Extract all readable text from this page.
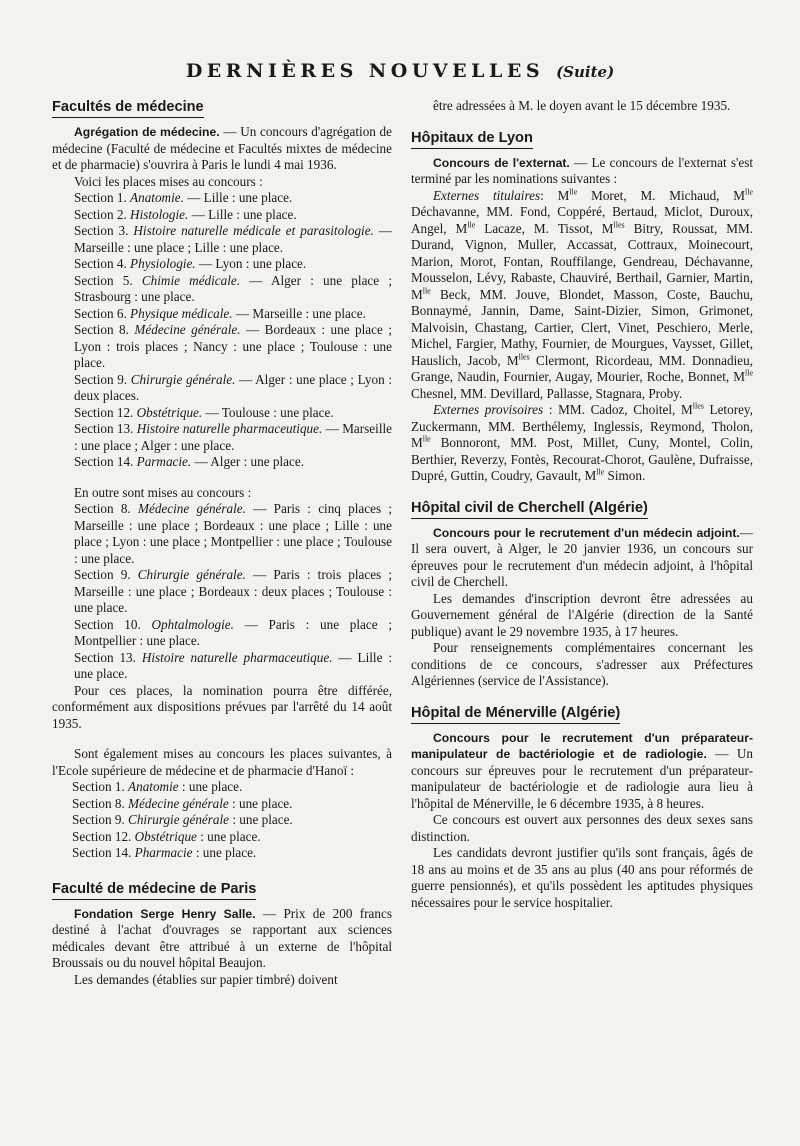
DERNIÈRES NOUVELLES (Suite)
Facultés de médecine

Agrégation de médecine. — Un concours d'agrégation de médecine (Faculté de médecine et Facultés mixtes de médecine et de pharmacie) s'ouvrira à Paris le lundi 4 mai 1936.

Voici les places mises au concours :

Section 1. Anatomie. — Lille : une place.

Section 2. Histologie. — Lille : une place.

Section 3. Histoire naturelle médicale et parasitologie. — Marseille : une place ; Lille : une place.

Section 4. Physiologie. — Lyon : une place.

Section 5. Chimie médicale. — Alger : une place ; Strasbourg : une place.

Section 6. Physique médicale. — Marseille : une place.

Section 8. Médecine générale. — Bordeaux : une place ; Lyon : trois places ; Nancy : une place ; Toulouse : une place.

Section 9. Chirurgie générale. — Alger : une place ; Lyon : deux places.

Section 12. Obstétrique. — Toulouse : une place.

Section 13. Histoire naturelle pharmaceutique. — Marseille : une place ; Alger : une place.

Section 14. Parmacie. — Alger : une place.

En outre sont mises au concours :

Section 8. Médecine générale. — Paris : cinq places ; Marseille : une place ; Bordeaux : une place ; Lille : une place ; Lyon : une place ; Montpellier : une place ; Toulouse : une place.

Section 9. Chirurgie générale. — Paris : trois places ; Marseille : une place ; Bordeaux : deux places ; Toulouse : une place.

Section 10. Ophtalmologie. — Paris : une place ; Montpellier : une place.

Section 13. Histoire naturelle pharmaceutique. — Lille : une place.

Pour ces places, la nomination pourra être différée, conformément aux dispositions prévues par l'arrêté du 14 août 1935.

Sont également mises au concours les places suivantes, à l'Ecole supérieure de médecine et de pharmacie d'Hanoï :

Section 1. Anatomie : une place.

Section 8. Médecine générale : une place.

Section 9. Chirurgie générale : une place.

Section 12. Obstétrique : une place.

Section 14. Pharmacie : une place.

Faculté de médecine de Paris

Fondation Serge Henry Salle. — Prix de 200 francs destiné à l'achat d'ouvrages se rapportant aux sciences médicales devant être attribué à un externe de l'hôpital Broussais ou du nouvel hôpital Beaujon.

Les demandes (établies sur papier timbré) doivent

être adressées à M. le doyen avant le 15 décembre 1935.

Hôpitaux de Lyon

Concours de l'externat. — Le concours de l'externat s'est terminé par les nominations suivantes :

Externes titulaires: $M^{lle}$ Moret, M. Michaud, $M^{lle}$ Déchavanne, MM. Fond, Coppéré, Bertaud, Miclot, Duroux, Angel, $M^{lle}$ Lacaze, M. Tissot, $M^{lles}$ Bitry, Roussat, MM. Durand, Vignon, Muller, Accassat, Cottraux, Moinecourt, Marion, Morot, Fontan, Rouffilange, Gendreau, Déchavanne, Mousselon, Lévy, Rabaste, Chauviré, Berthail, Garnier, Martin, $M^{lle}$ Beck, MM. Jouve, Blondet, Masson, Coste, Bauchu, Bonnaymé, Jannin, Dame, Saint-Dizier, Simon, Grimonet, Malvoisin, Chastang, Cartier, Clert, Vinet, Peschiero, Merle, Michel, Fargier, Mathy, Fournier, de Mourgues, Vaysset, Gillet, Hauslich, Jacob, $M^{lles}$ Clermont, Ricordeau, MM. Donnadieu, Grange, Naudin, Fournier, Augay, Mourier, Roche, Bonnet, $M^{lle}$ Chesnel, MM. Devillard, Pallasse, Stagnara, Proby.

Externes provisoires : MM. Cadoz, Choitel, $M^{lles}$ Letorey, Zuckermann, MM. Berthélemy, Inglessis, Reymond, Tholon, $M^{lle}$ Bonnoront, MM. Post, Millet, Cuny, Montel, Colin, Berthier, Reverzy, Fontès, Recourat-Chorot, Gaulène, Dufraisse, Dupré, Guttin, Coudry, Gavault, $M^{lle}$ Simon.

Hôpital civil de Cherchell (Algérie)

Concours pour le recrutement d'un médecin adjoint.— Il sera ouvert, à Alger, le 20 janvier 1936, un concours sur épreuves pour le recrutement d'un médecin adjoint, à l'hôpital civil de Cherchell.

Les demandes d'inscription devront être adressées au Gouvernement général de l'Algérie (direction de la Santé publique) avant le 29 novembre 1935, à 17 heures.

Pour renseignements complémentaires concernant les conditions de ce concours, s'adresser aux Préfectures Algériennes (service de l'Assistance).

Hôpital de Ménerville (Algérie)

Concours pour le recrutement d'un préparateur-manipulateur de bactériologie et de radiologie. — Un concours sur épreuves pour le recrutement d'un préparateur-manipulateur de bactériologie et de radiologie aura lieu à l'hôpital de Ménerville, le 6 décembre 1935, à 8 heures.

Ce concours est ouvert aux personnes des deux sexes sans distinction.

Les candidats devront justifier qu'ils sont français, âgés de 18 ans au moins et de 35 ans au plus (40 ans pour réformés de guerre pensionnés), et qu'ils possèdent les aptitudes physiques nécessaires pour le service hospitalier.
